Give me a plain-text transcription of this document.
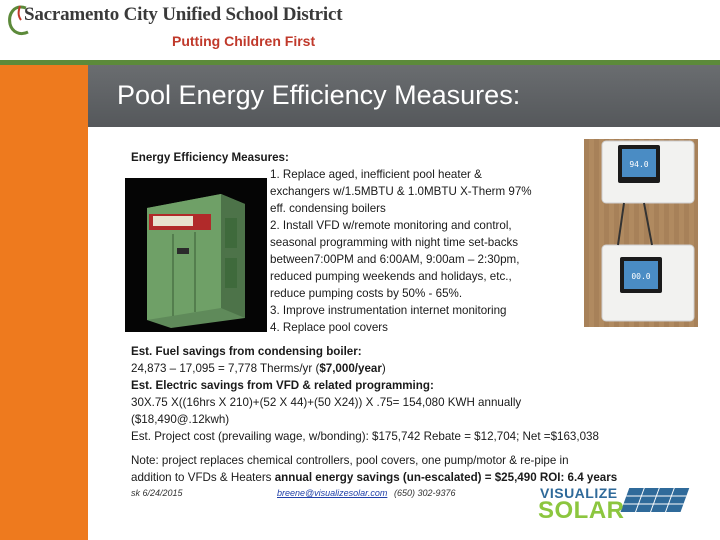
Sacramento City Unified School District
Putting Children First
Pool Energy Efficiency Measures:
Energy Efficiency Measures:
1. Replace aged, inefficient pool heater &
exchangers w/1.5MBTU & 1.0MBTU X-Therm 97%
eff. condensing boilers
2. Install VFD w/remote monitoring and control,
seasonal programming with night time set-backs
between7:00PM and 6:00AM, 9:00am – 2:30pm,
reduced pumping weekends and holidays, etc.,
reduce pumping costs by 50% - 65%.
3. Improve instrumentation internet monitoring
4. Replace pool covers
94.0
00.0
Est. Fuel savings from condensing boiler:
24,873 – 17,095 = 7,778 Therms/yr ($7,000/year)
Est. Electric savings from VFD & related programming:
30X.75 X((16hrs X 210)+(52 X 44)+(50 X24)) X .75= 154,080 KWH annually
($18,490@.12kwh)
Est. Project cost (prevailing wage, w/bonding): $175,742 Rebate = $12,704; Net =$163,038
Note: project replaces chemical controllers, pool covers, one pump/motor & re-pipe in
addition to VFDs & Heaters annual energy savings (un-escalated) = $25,490 ROI: 6.4 years
sk 6/24/2015	breene@visualizesolar.com (650) 302-9376	VISUALIZE
SOLAR
